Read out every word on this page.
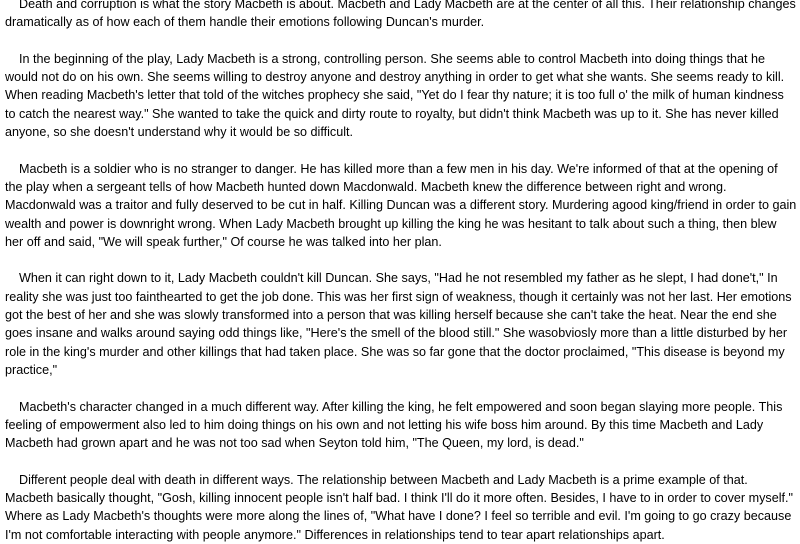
Death and corruption is what the story Macbeth is about. Macbeth and Lady Macbeth are at the center of all this. Their relationship changes dramatically as of how each of them handle their emotions following Duncan's murder.

In the beginning of the play, Lady Macbeth is a strong, controlling person. She seems able to control Macbeth into doing things that he would not do on his own. She seems willing to destroy anyone and destroy anything in order to get what she wants. She seems ready to kill. When reading Macbeth's letter that told of the witches prophecy she said, "Yet do I fear thy nature; it is too full o' the milk of human kindness to catch the nearest way." She wanted to take the quick and dirty route to royalty, but didn't think Macbeth was up to it. She has never killed anyone, so she doesn't understand why it would be so difficult.

Macbeth is a soldier who is no stranger to danger. He has killed more than a few men in his day. We're informed of that at the opening of the play when a sergeant tells of how Macbeth hunted down Macdonwald. Macbeth knew the difference between right and wrong. Macdonwald was a traitor and fully deserved to be cut in half. Killing Duncan was a different story. Murdering agood king/friend in order to gain wealth and power is downright wrong. When Lady Macbeth brought up killing the king he was hesitant to talk about such a thing, then blew her off and said, "We will speak further," Of course he was talked into her plan.

When it can right down to it, Lady Macbeth couldn't kill Duncan. She says, "Had he not resembled my father as he slept, I had done't," In reality she was just too fainthearted to get the job done. This was her first sign of weakness, though it certainly was not her last. Her emotions got the best of her and she was slowly transformed into a person that was killing herself because she can't take the heat. Near the end she goes insane and walks around saying odd things like, "Here's the smell of the blood still." She wasobviosly more than a little disturbed by her role in the king's murder and other killings that had taken place. She was so far gone that the doctor proclaimed, "This disease is beyond my practice,"

Macbeth's character changed in a much different way. After killing the king, he felt empowered and soon began slaying more people. This feeling of empowerment also led to him doing things on his own and not letting his wife boss him around. By this time Macbeth and Lady Macbeth had grown apart and he was not too sad when Seyton told him, "The Queen, my lord, is dead."

Different people deal with death in different ways. The relationship between Macbeth and Lady Macbeth is a prime example of that. Macbeth basically thought, "Gosh, killing innocent people isn't half bad. I think I'll do it more often. Besides, I have to in order to cover myself." Where as Lady Macbeth's thoughts were more along the lines of, "What have I done? I feel so terrible and evil. I'm going to go crazy because I'm not comfortable interacting with people anymore." Differences in relationships tend to tear apart relationships apart.
